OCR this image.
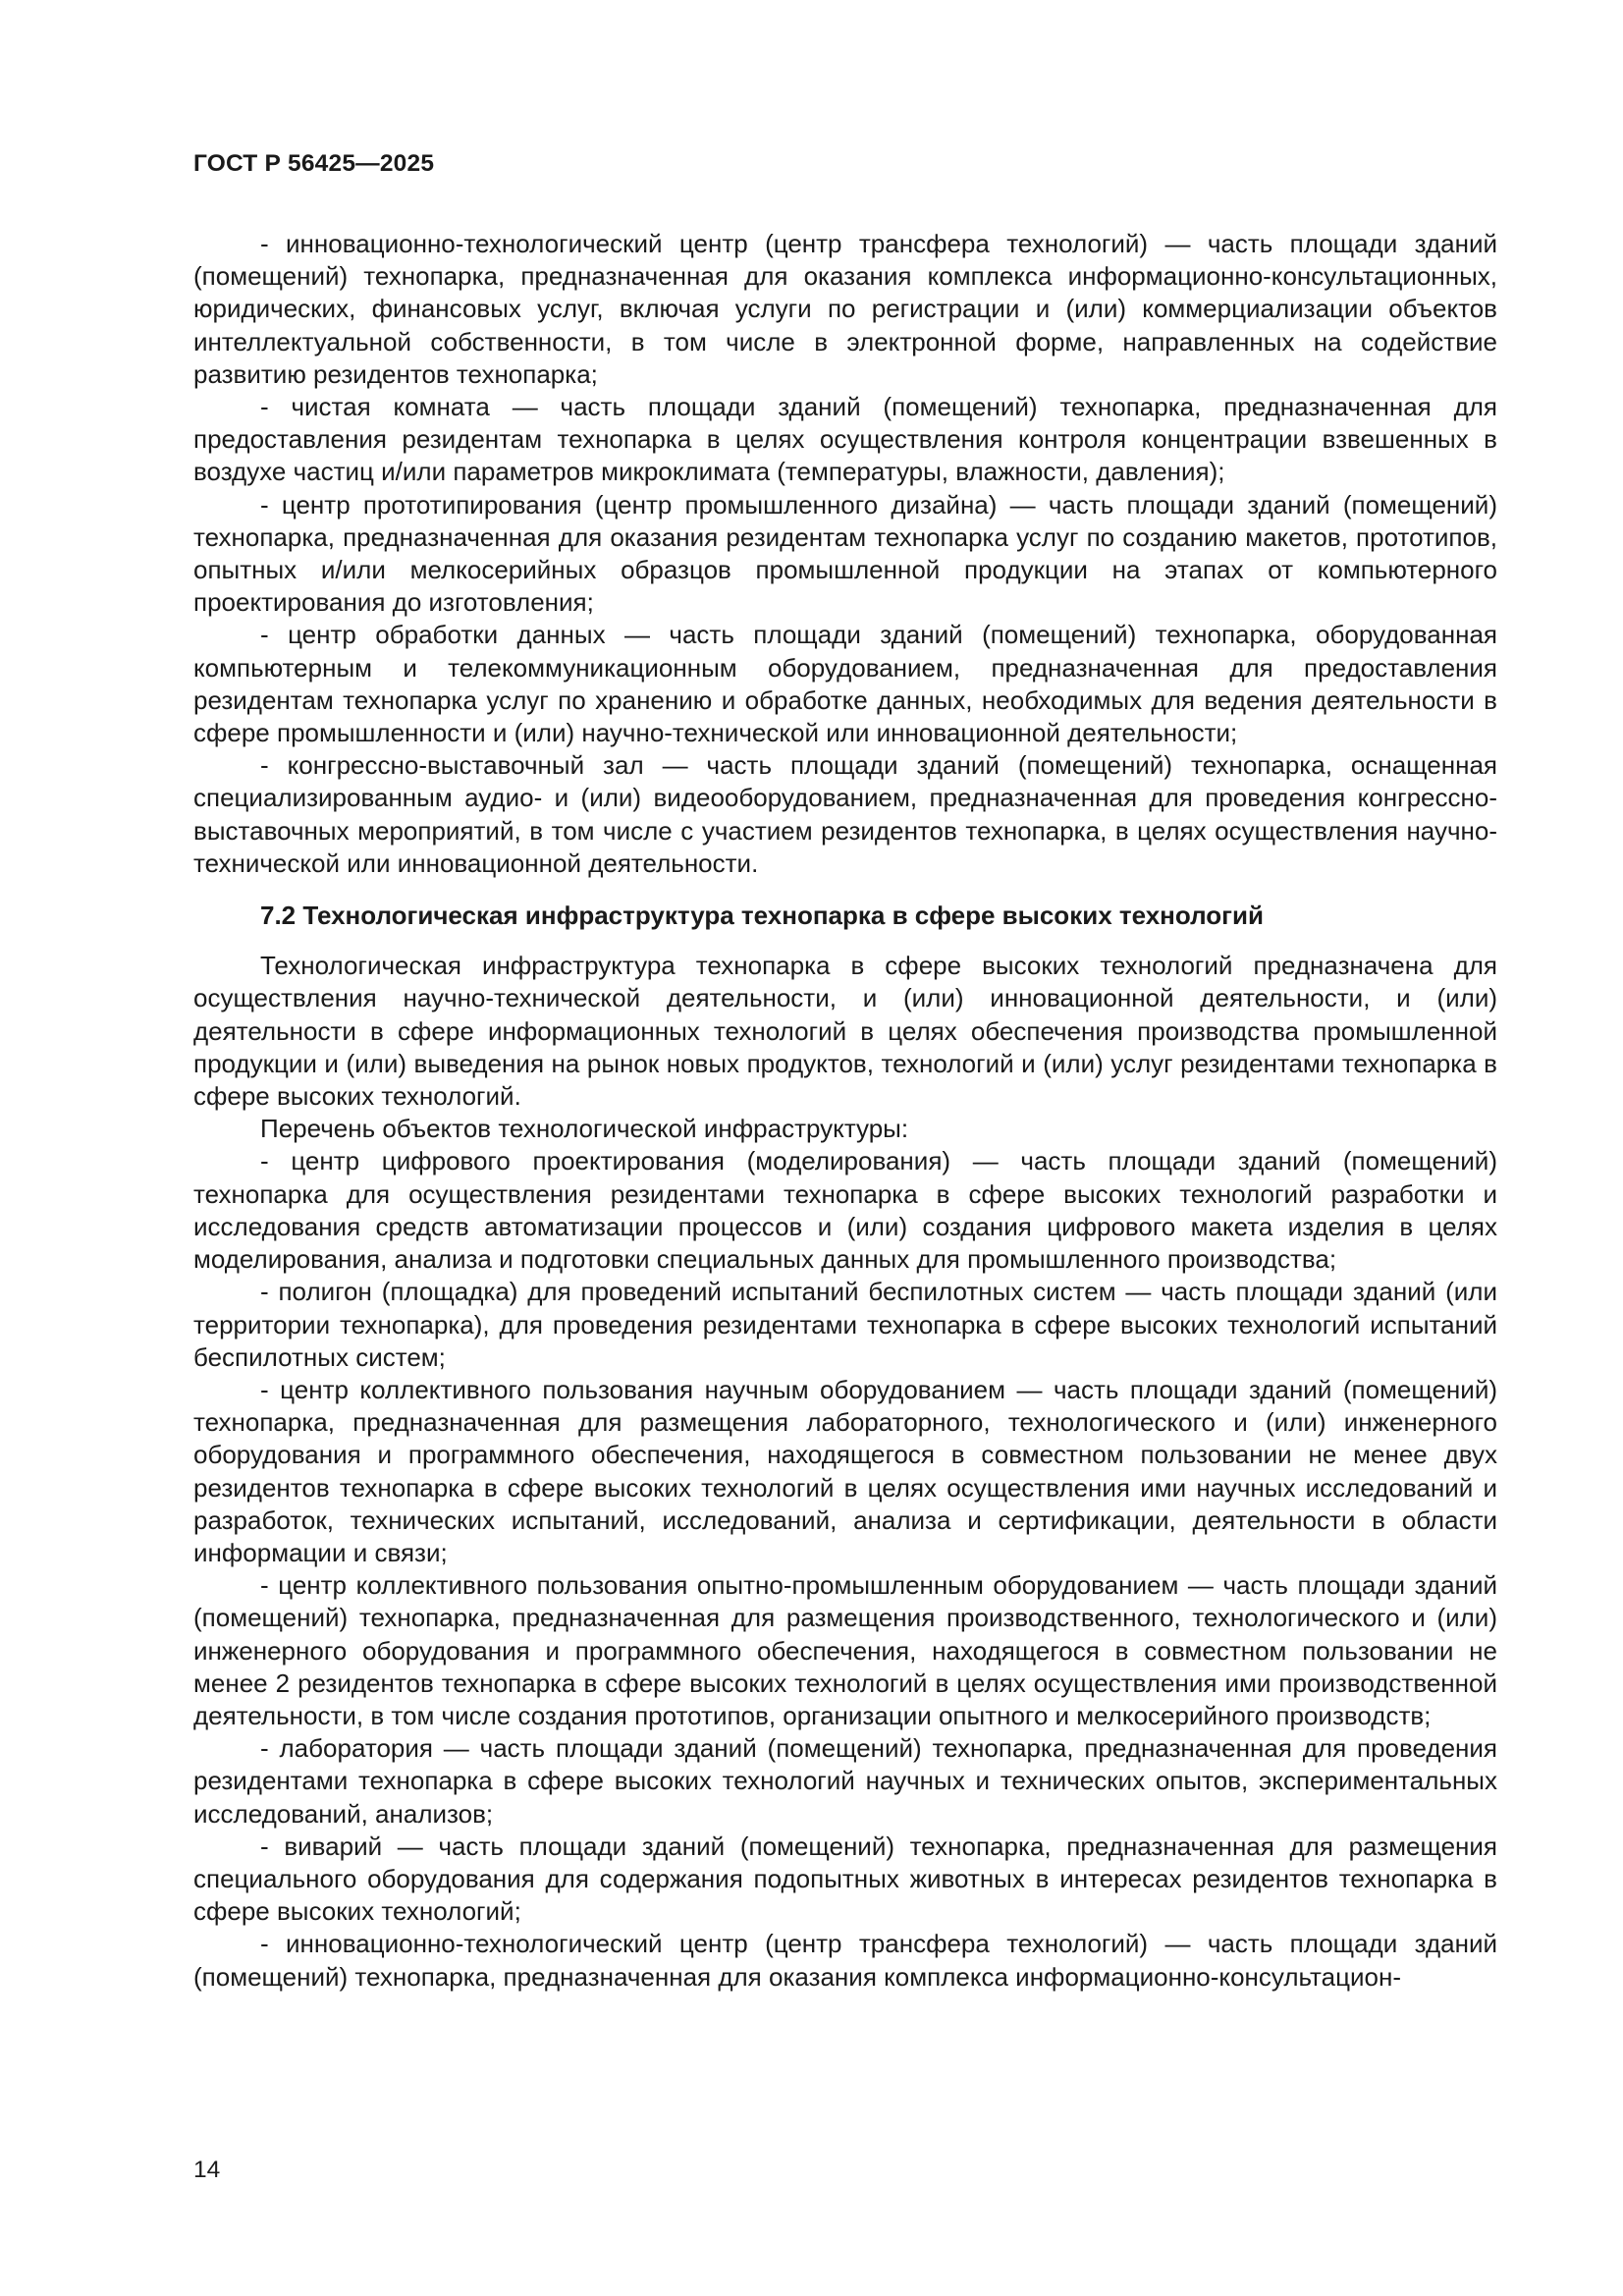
ГОСТ Р 56425—2025

- инновационно-технологический центр (центр трансфера технологий) — часть площади зданий (помещений) технопарка, предназначенная для оказания комплекса информационно-консультационных, юридических, финансовых услуг, включая услуги по регистрации и (или) коммерциализации объектов интеллектуальной собственности, в том числе в электронной форме, направленных на содействие развитию резидентов технопарка;

- чистая комната — часть площади зданий (помещений) технопарка, предназначенная для предоставления резидентам технопарка в целях осуществления контроля концентрации взвешенных в воздухе частиц и/или параметров микроклимата (температуры, влажности, давления);

- центр прототипирования (центр промышленного дизайна) — часть площади зданий (помещений) технопарка, предназначенная для оказания резидентам технопарка услуг по созданию макетов, прототипов, опытных и/или мелкосерийных образцов промышленной продукции на этапах от компьютерного проектирования до изготовления;

- центр обработки данных — часть площади зданий (помещений) технопарка, оборудованная компьютерным и телекоммуникационным оборудованием, предназначенная для предоставления резидентам технопарка услуг по хранению и обработке данных, необходимых для ведения деятельности в сфере промышленности и (или) научно-технической или инновационной деятельности;

- конгрессно-выставочный зал — часть площади зданий (помещений) технопарка, оснащенная специализированным аудио- и (или) видеооборудованием, предназначенная для проведения конгрессно-выставочных мероприятий, в том числе с участием резидентов технопарка, в целях осуществления научно-технической или инновационной деятельности.

7.2 Технологическая инфраструктура технопарка в сфере высоких технологий

Технологическая инфраструктура технопарка в сфере высоких технологий предназначена для осуществления научно-технической деятельности, и (или) инновационной деятельности, и (или) деятельности в сфере информационных технологий в целях обеспечения производства промышленной продукции и (или) выведения на рынок новых продуктов, технологий и (или) услуг резидентами технопарка в сфере высоких технологий.

Перечень объектов технологической инфраструктуры:

- центр цифрового проектирования (моделирования) — часть площади зданий (помещений) технопарка для осуществления резидентами технопарка в сфере высоких технологий разработки и исследования средств автоматизации процессов и (или) создания цифрового макета изделия в целях моделирования, анализа и подготовки специальных данных для промышленного производства;

- полигон (площадка) для проведений испытаний беспилотных систем — часть площади зданий (или территории технопарка), для проведения резидентами технопарка в сфере высоких технологий испытаний беспилотных систем;

- центр коллективного пользования научным оборудованием — часть площади зданий (помещений) технопарка, предназначенная для размещения лабораторного, технологического и (или) инженерного оборудования и программного обеспечения, находящегося в совместном пользовании не менее двух резидентов технопарка в сфере высоких технологий в целях осуществления ими научных исследований и разработок, технических испытаний, исследований, анализа и сертификации, деятельности в области информации и связи;

- центр коллективного пользования опытно-промышленным оборудованием — часть площади зданий (помещений) технопарка, предназначенная для размещения производственного, технологического и (или) инженерного оборудования и программного обеспечения, находящегося в совместном пользовании не менее 2 резидентов технопарка в сфере высоких технологий в целях осуществления ими производственной деятельности, в том числе создания прототипов, организации опытного и мелкосерийного производств;

- лаборатория — часть площади зданий (помещений) технопарка, предназначенная для проведения резидентами технопарка в сфере высоких технологий научных и технических опытов, экспериментальных исследований, анализов;

- виварий — часть площади зданий (помещений) технопарка, предназначенная для размещения специального оборудования для содержания подопытных животных в интересах резидентов технопарка в сфере высоких технологий;

- инновационно-технологический центр (центр трансфера технологий) — часть площади зданий (помещений) технопарка, предназначенная для оказания комплекса информационно-консультацион-

14
